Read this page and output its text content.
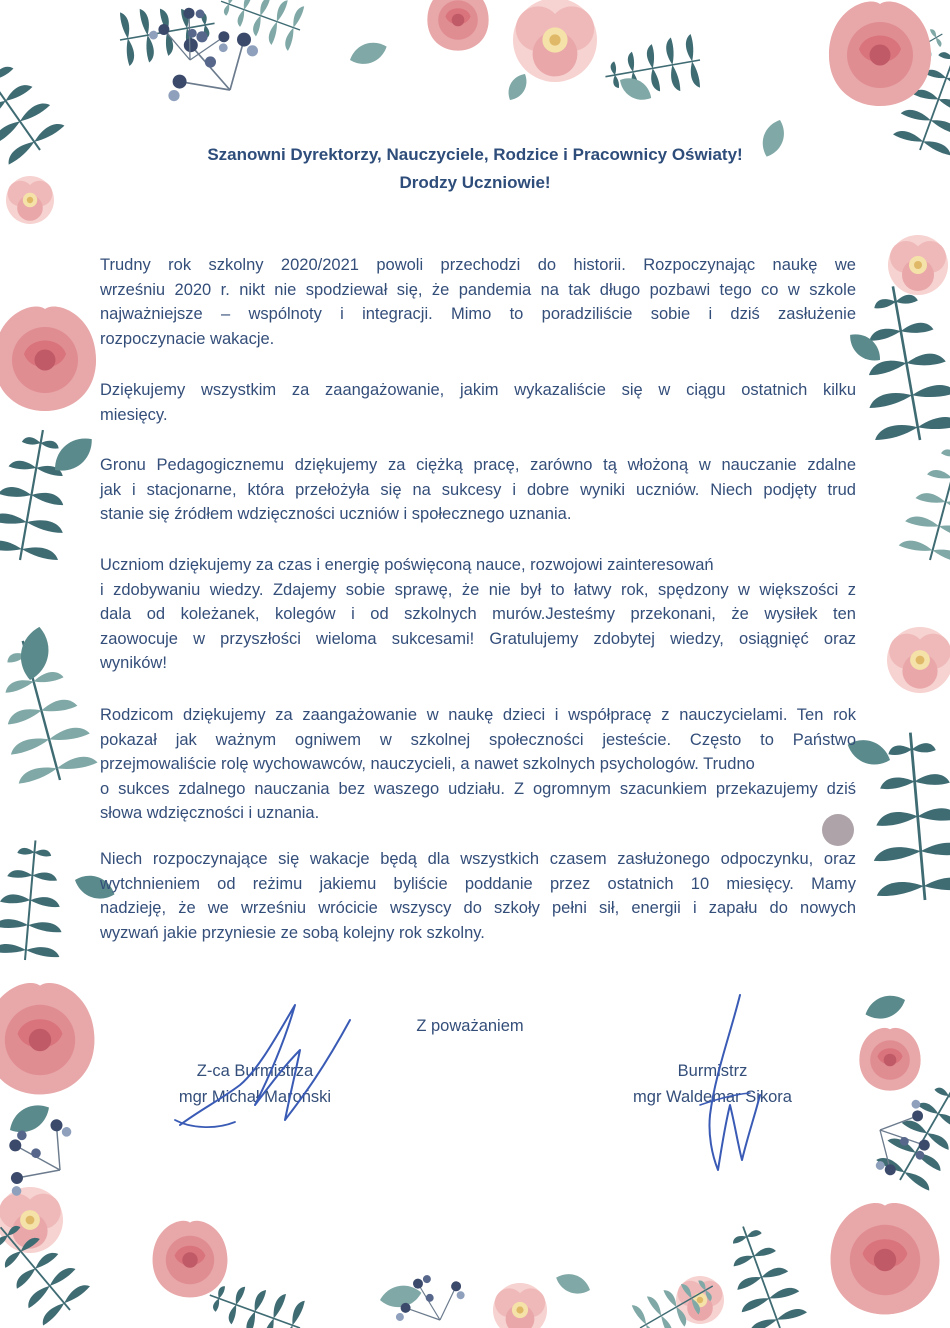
Szanowni Dyrektorzy, Nauczyciele, Rodzice i Pracownicy Oświaty!
Drodzy Uczniowie!
Trudny rok szkolny 2020/2021 powoli przechodzi do historii. Rozpoczynając naukę we
wrześniu 2020 r. nikt nie spodziewał się, że pandemia na tak długo pozbawi tego co w szkole
najważniejsze – wspólnoty i integracji. Mimo to poradziliście sobie i dziś zasłużenie
rozpoczynacie wakacje.
Dziękujemy wszystkim za zaangażowanie, jakim wykazaliście się w ciągu ostatnich kilku
miesięcy.
Gronu Pedagogicznemu dziękujemy za ciężką pracę, zarówno tą włożoną w nauczanie zdalne
jak i stacjonarne, która przełożyła się na sukcesy i dobre wyniki uczniów. Niech podjęty trud
stanie się źródłem wdzięczności uczniów i społecznego uznania.
Uczniom dziękujemy za czas i energię poświęconą nauce, rozwojowi zainteresowań
i zdobywaniu wiedzy. Zdajemy sobie sprawę, że nie był to łatwy rok, spędzony w większości z
dala od koleżanek, kolegów i od szkolnych murów.Jesteśmy przekonani, że wysiłek ten
zaowocuje w przyszłości wieloma sukcesami! Gratulujemy zdobytej wiedzy, osiągnięć oraz
wyników!
Rodzicom dziękujemy za zaangażowanie w naukę dzieci i współpracę z nauczycielami. Ten rok
pokazał jak ważnym ogniwem w szkolnej społeczności jesteście. Często to Państwo
przejmowaliście rolę wychowawców, nauczycieli, a nawet szkolnych psychologów. Trudno
o sukces zdalnego nauczania bez waszego udziału. Z ogromnym szacunkiem przekazujemy dziś
słowa wdzięczności i uznania.
Niech rozpoczynające się wakacje będą dla wszystkich czasem zasłużonego odpoczynku, oraz
wytchnieniem od reżimu jakiemu byliście poddanie przez ostatnich 10 miesięcy. Mamy
nadzieję, że we wrześniu wrócicie wszyscy do szkoły pełni sił, energii i zapału do nowych
wyzwań jakie przyniesie ze sobą kolejny rok szkolny.
Z poważaniem
Z-ca Burmistrza
mgr Michał Maroński
Burmistrz
mgr Waldemar Sikora
